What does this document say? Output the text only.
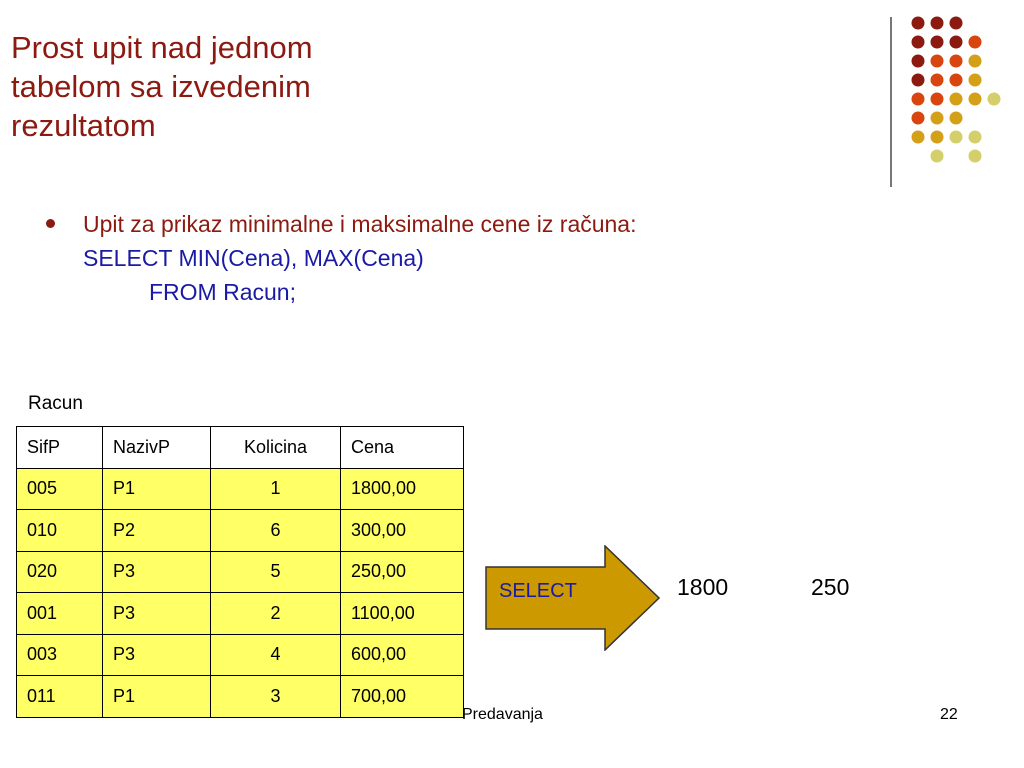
Prost upit nad jednom
tabelom sa izvedenim
rezultatom
Upit za prikaz minimalne i maksimalne cene iz računa:
SELECT MIN(Cena), MAX(Cena)
FROM Racun;
Racun
SifP	NazivP	Kolicina	Cena
005	P1	1	1800,00
010	P2	6	300,00
020	P3	5	250,00
001	P3	2	1100,00
003	P3	4	600,00
011	P1	3	700,00
SELECT	1800	250
Predavanja	22
